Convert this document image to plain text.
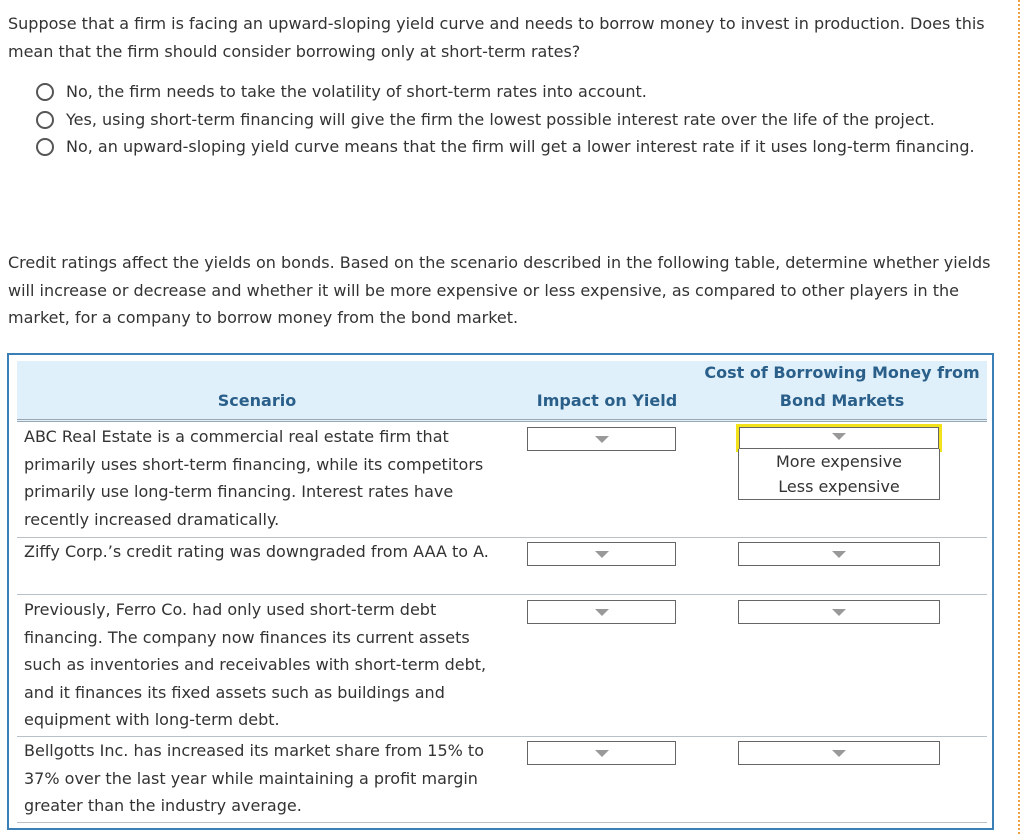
Suppose that a firm is facing an upward-sloping yield curve and needs to borrow money to invest in production. Does this mean that the firm should consider borrowing only at short-term rates?
No, the firm needs to take the volatility of short-term rates into account.
Yes, using short-term financing will give the firm the lowest possible interest rate over the life of the project.
No, an upward-sloping yield curve means that the firm will get a lower interest rate if it uses long-term financing.
Credit ratings affect the yields on bonds. Based on the scenario described in the following table, determine whether yields will increase or decrease and whether it will be more expensive or less expensive, as compared to other players in the market, for a company to borrow money from the bond market.
Scenario	Impact on Yield
Cost of Borrowing Money from
Bond Markets
ABC Real Estate is a commercial real estate firm that primarily uses short-term financing, while its competitors primarily use long-term financing. Interest rates have recently increased dramatically.
More expensive
Less expensive
Ziffy Corp.’s credit rating was downgraded from AAA to A.
Previously, Ferro Co. had only used short-term debt financing. The company now finances its current assets such as inventories and receivables with short-term debt, and it finances its fixed assets such as buildings and equipment with long-term debt.
Bellgotts Inc. has increased its market share from 15% to 37% over the last year while maintaining a profit margin greater than the industry average.
